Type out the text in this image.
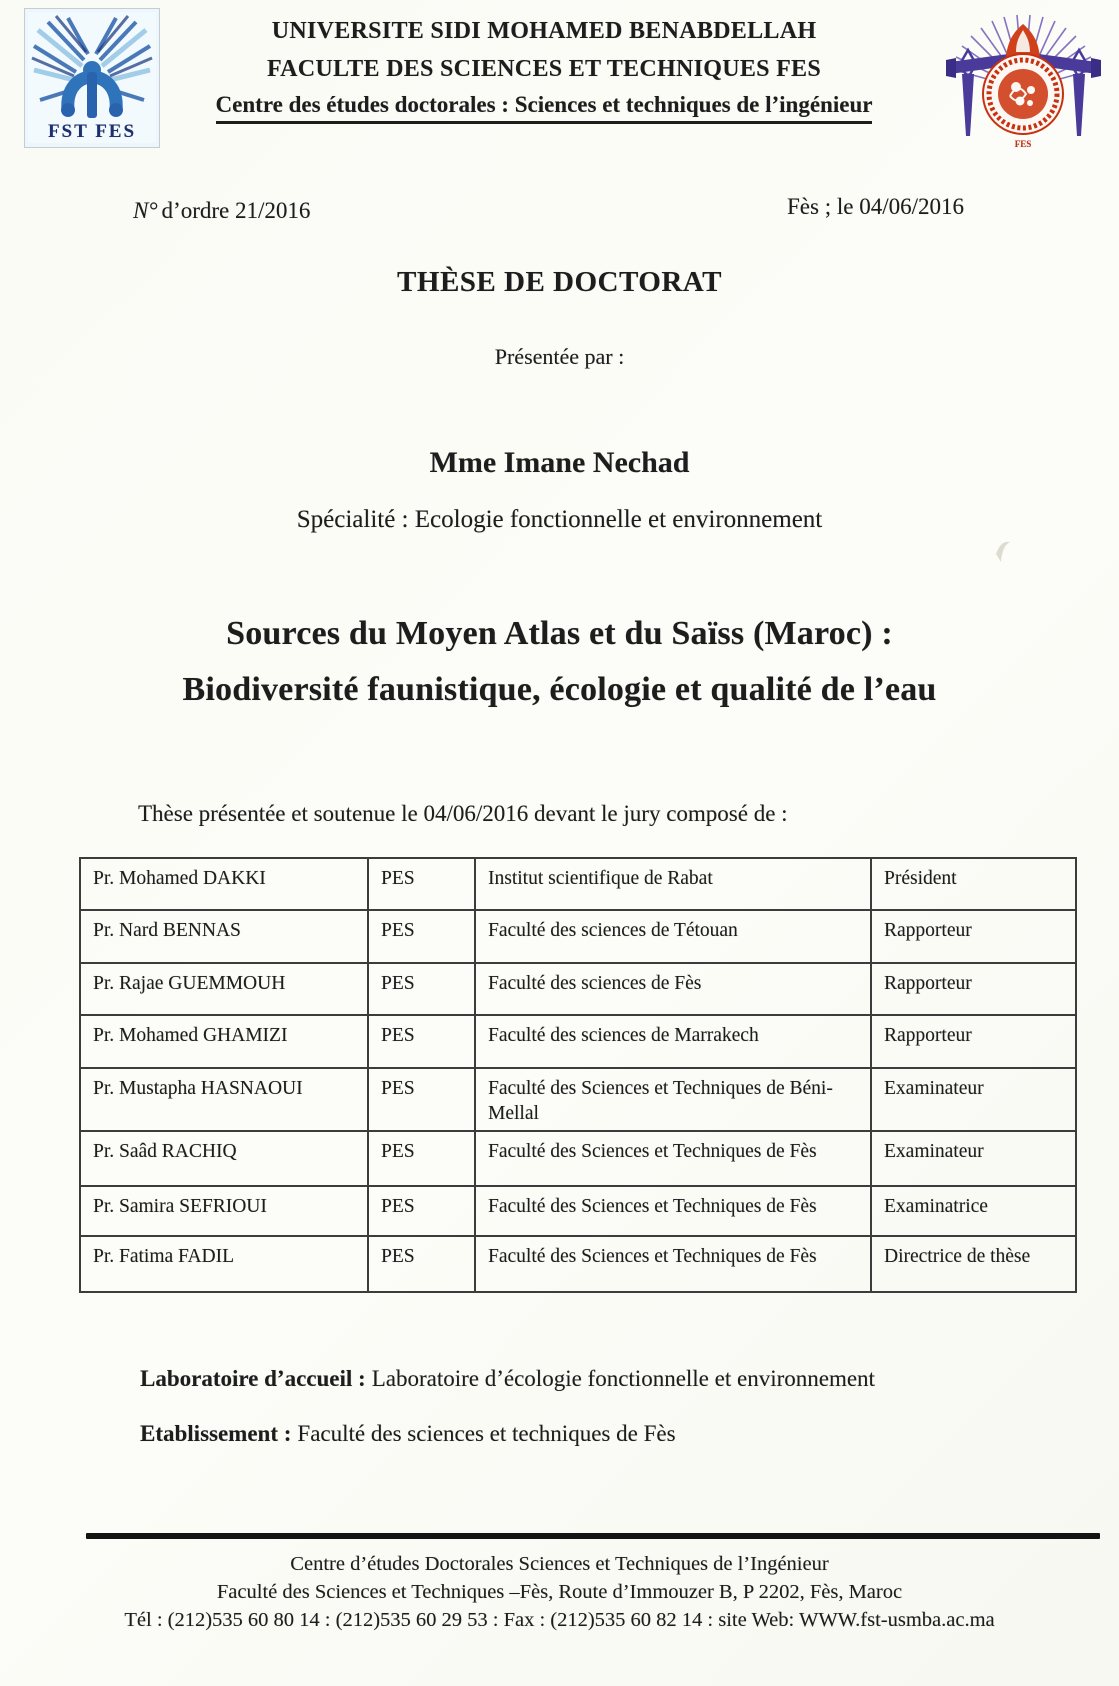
FST FES
UNIVERSITE SIDI MOHAMED BENABDELLAH
FACULTE DES SCIENCES ET TECHNIQUES FES
Centre des études doctorales : Sciences et techniques de l’ingénieur
FES
N° d’ordre 21/2016	Fès ; le 04/06/2016
THÈSE DE DOCTORAT
Présentée par :
Mme Imane Nechad
Spécialité : Ecologie fonctionnelle et environnement
Sources du Moyen Atlas et du Saïss (Maroc) :
Biodiversité faunistique, écologie et qualité de l’eau
Thèse présentée et soutenue le 04/06/2016 devant le jury composé de :
Pr. Mohamed DAKKI	PES	Institut scientifique de Rabat	Président
Pr. Nard BENNAS	PES	Faculté des sciences de Tétouan	Rapporteur
Pr. Rajae GUEMMOUH	PES	Faculté des sciences de Fès	Rapporteur
Pr. Mohamed GHAMIZI	PES	Faculté des sciences de Marrakech	Rapporteur
Pr. Mustapha HASNAOUI	PES	Faculté des Sciences et Techniques de Béni-Mellal	Examinateur
Pr. Saâd RACHIQ	PES	Faculté des Sciences et Techniques de Fès	Examinateur
Pr. Samira SEFRIOUI	PES	Faculté des Sciences et Techniques de Fès	Examinatrice
Pr. Fatima FADIL	PES	Faculté des Sciences et Techniques de Fès	Directrice de thèse
Laboratoire d’accueil : Laboratoire d’écologie fonctionnelle et environnement
Etablissement : Faculté des sciences et techniques de Fès
Centre d’études Doctorales Sciences et Techniques de l’Ingénieur
Faculté des Sciences et Techniques –Fès, Route d’Immouzer B, P 2202, Fès, Maroc
Tél : (212)535 60 80 14 : (212)535 60 29 53 : Fax : (212)535 60 82 14 : site Web: WWW.fst-usmba.ac.ma
